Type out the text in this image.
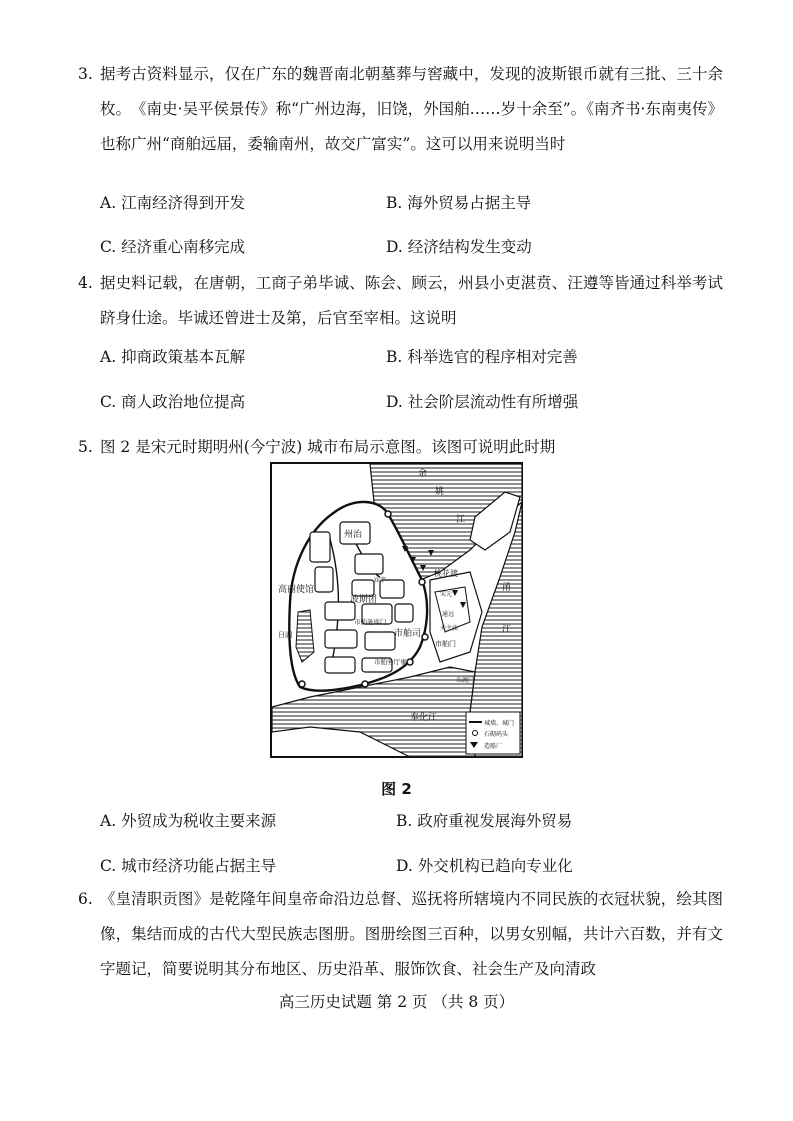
3. 据考古资料显示，仅在广东的魏晋南北朝墓葬与窖藏中，发现的波斯银币就有三批、三十余枚。　《南史·吴平侯景传》称“广州边海，旧饶，外国舶……岁十余至”。《南齐书·东南夷传》也称广州“商舶远届，委输南州，故交广富实”。这可以用来说明当时
A. 江南经济得到开发	B. 海外贸易占据主导
C. 经济重心南移完成	D. 经济结构发生变动
4. 据史料记载，在唐朝，工商子弟毕诚、陈会、顾云，州县小吏湛贲、汪遵等皆通过科举考试跻身仕途。毕诚还曾进士及第，后官至宰相。这说明
A. 抑商政策基本瓦解	B. 科举选官的程序相对完善
C. 商人政治地位提高	D. 社会阶层流动性有所增强
5. 图 2 是宋元时期明州(今宁波) 城市布局示意图。该图可说明此时期
州治
高丽使馆
波斯团
市舶司
市舶务库门
市舶务厅事
桃花渡
市舶门
宋元
通远
天主庙
东渡门
日湖
庙宇
余
姚
江
甬
江
奉化江
城墙、城门
石砌码头
造船厂
图 2
A. 外贸成为税收主要来源	B. 政府重视发展海外贸易
C. 城市经济功能占据主导	D. 外交机构已趋向专业化
6. 《皇清职贡图》是乾隆年间皇帝命沿边总督、巡抚将所辖境内不同民族的衣冠状貌，绘其图像，集结而成的古代大型民族志图册。图册绘图三百种，以男女别幅，共计六百数，并有文字题记，简要说明其分布地区、历史沿革、服饰饮食、社会生产及向清政
高三历史试题 第 2 页 （共 8 页）
